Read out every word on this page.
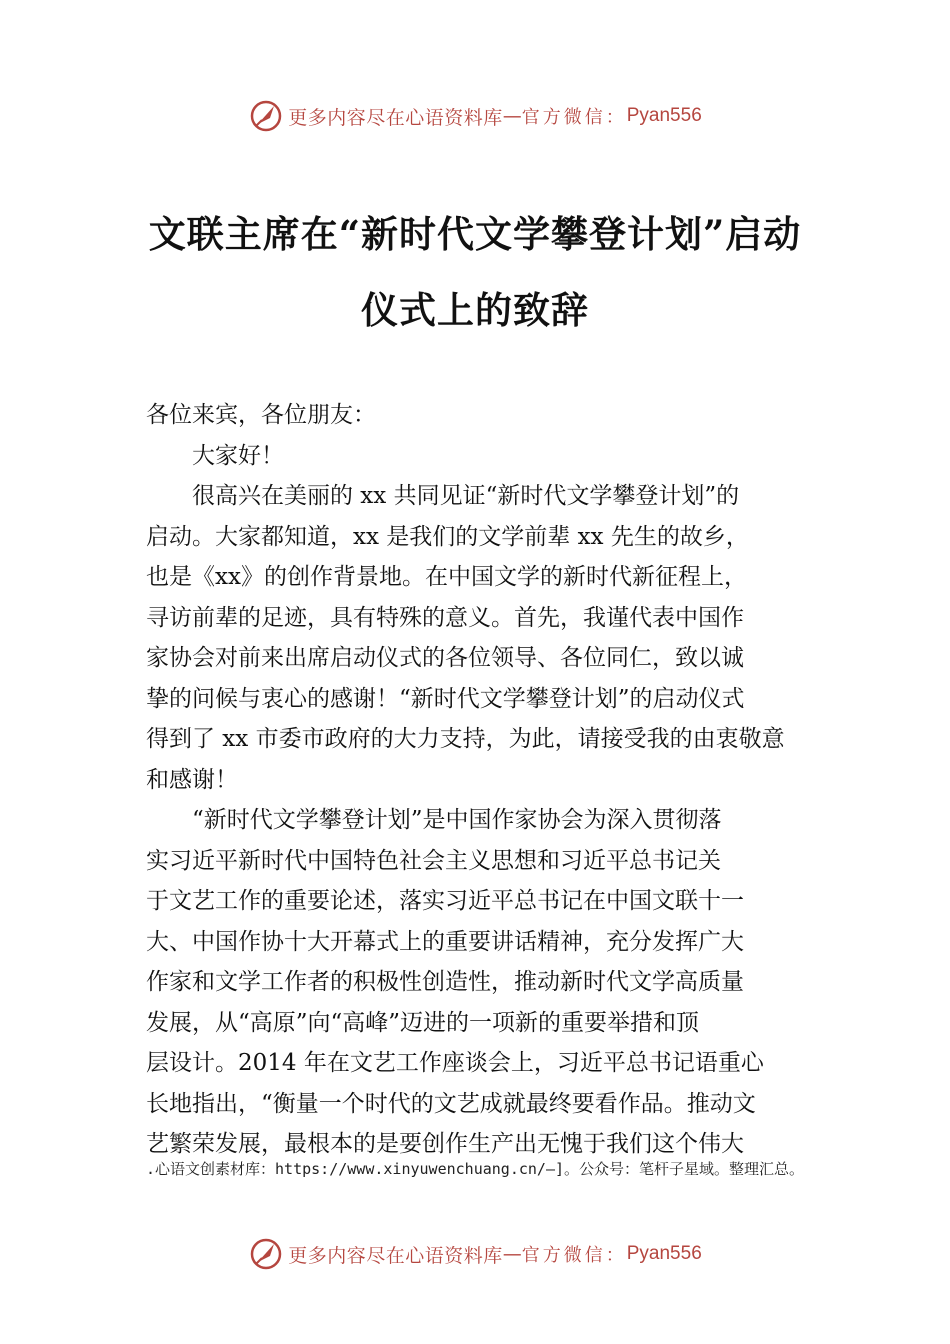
更多内容尽在心语资料库 — 官方微信： Pyan556
文联主席在“新时代文学攀登计划”启动
仪式上的致辞

各位来宾，各位朋友：

大家好！

很高兴在美丽的 xx 共同见证“新时代文学攀登计划”的
启动。大家都知道，xx 是我们的文学前辈 xx 先生的故乡，
也是《xx》的创作背景地。在中国文学的新时代新征程上，
寻访前辈的足迹，具有特殊的意义。首先，我谨代表中国作
家协会对前来出席启动仪式的各位领导、各位同仁，致以诚
挚的问候与衷心的感谢！“新时代文学攀登计划”的启动仪式
得到了 xx 市委市政府的大力支持，为此，请接受我的由衷敬意
和感谢！
“新时代文学攀登计划”是中国作家协会为深入贯彻落
实习近平新时代中国特色社会主义思想和习近平总书记关
于文艺工作的重要论述，落实习近平总书记在中国文联十一
大、中国作协十大开幕式上的重要讲话精神，充分发挥广大
作家和文学工作者的积极性创造性，推动新时代文学高质量
发展，从“高原”向“高峰”迈进的一项新的重要举措和顶
层设计。2014 年在文艺工作座谈会上，习近平总书记语重心
长地指出，“衡量一个时代的文艺成就最终要看作品。推动文
艺繁荣发展，最根本的是要创作生产出无愧于我们这个伟大
.心语文创素材库：https://www.xinyuwenchuang.cn/—]。公众号：笔杆子星域。整理汇总。
更多内容尽在心语资料库 — 官方微信： Pyan556
